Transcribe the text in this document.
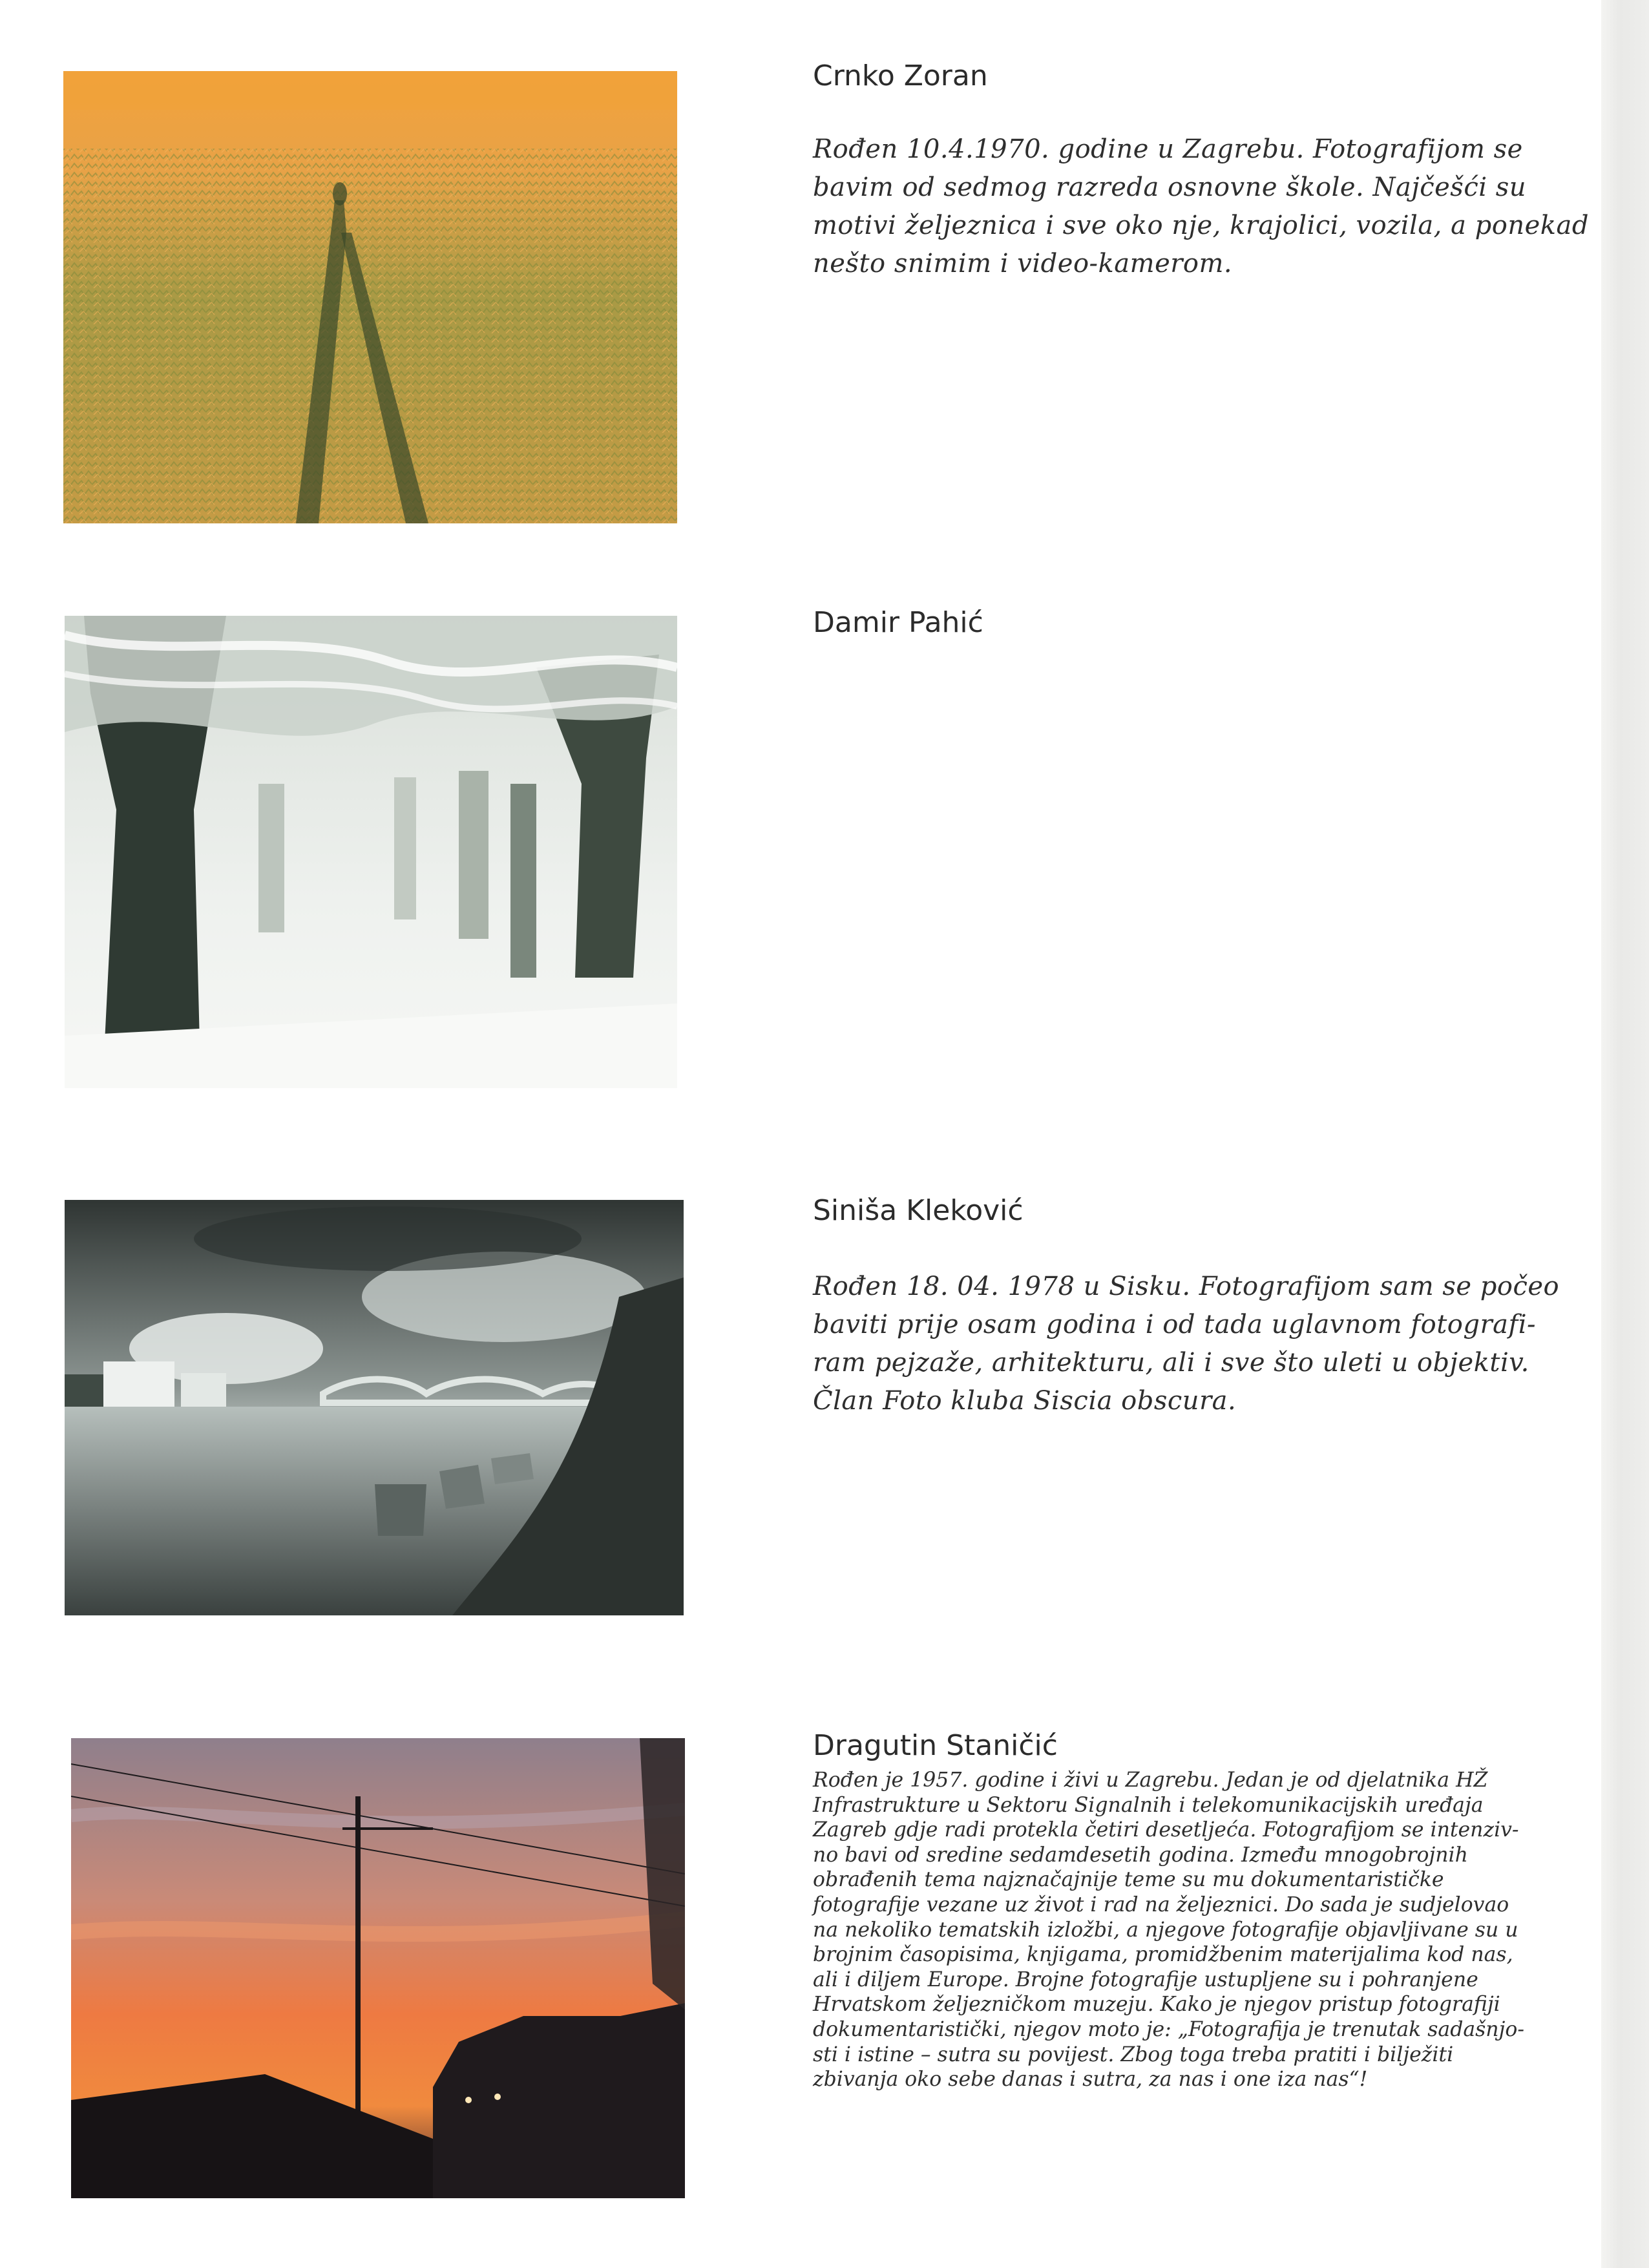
Crnko Zoran

Rođen 10.4.1970. godine u Zagrebu. Fotografijom se
bavim od sedmog razreda osnovne škole. Najčešći su
motivi željeznica i sve oko nje, krajolici, vozila, a ponekad
nešto snimim i video-kamerom.

Damir Pahić
Siniša Kleković

Rođen 18. 04. 1978 u Sisku. Fotografijom sam se počeo
baviti prije osam godina i od tada uglavnom fotografi-
ram pejzaže, arhitekturu, ali i sve što uleti u objektiv.
Član Foto kluba Siscia obscura.

Dragutin Staničić

Rođen je 1957. godine i živi u Zagrebu. Jedan je od djelatnika HŽ
Infrastrukture u Sektoru Signalnih i telekomunikacijskih uređaja
Zagreb gdje radi protekla četiri desetljeća. Fotografijom se intenziv-
no bavi od sredine sedamdesetih godina. Između mnogobrojnih
obrađenih tema najznačajnije teme su mu dokumentarističke
fotografije vezane uz život i rad na željeznici. Do sada je sudjelovao
na nekoliko tematskih izložbi, a njegove fotografije objavljivane su u
brojnim časopisima, knjigama, promidžbenim materijalima kod nas,
ali i diljem Europe. Brojne fotografije ustupljene su i pohranjene
Hrvatskom željezničkom muzeju. Kako je njegov pristup fotografiji
dokumentaristički, njegov moto je: „Fotografija je trenutak sadašnjo-
sti i istine – sutra su povijest. Zbog toga treba pratiti i bilježiti
zbivanja oko sebe danas i sutra, za nas i one iza nas“!
